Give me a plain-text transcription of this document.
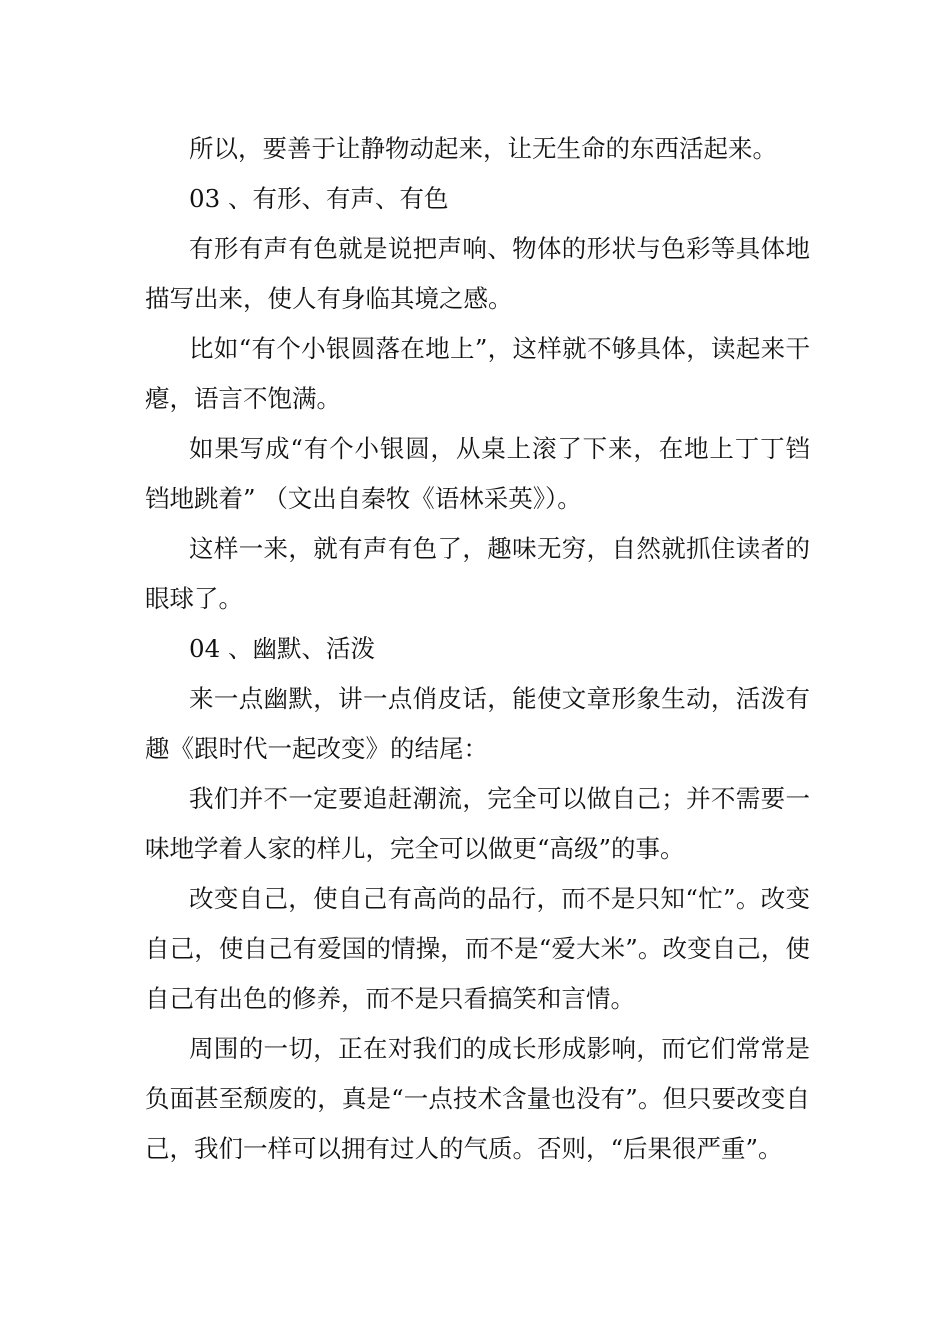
所以，要善于让静物动起来，让无生命的东西活起来。

03 、有形、有声、有色

有形有声有色就是说把声响、物体的形状与色彩等具体地描写出来，使人有身临其境之感。

比如“有个小银圆落在地上”，这样就不够具体，读起来干瘪，语言不饱满。

如果写成“有个小银圆，从桌上滚了下来，在地上丁丁铛铛地跳着” （文出自秦牧《语林采英》）。

这样一来，就有声有色了，趣味无穷，自然就抓住读者的眼球了。

04 、幽默、活泼

来一点幽默，讲一点俏皮话，能使文章形象生动，活泼有趣《跟时代一起改变》的结尾：

我们并不一定要追赶潮流，完全可以做自己；并不需要一味地学着人家的样儿，完全可以做更“高级”的事。

改变自己，使自己有高尚的品行，而不是只知“忙”。改变自己，使自己有爱国的情操，而不是“爱大米”。改变自己，使自己有出色的修养，而不是只看搞笑和言情。

周围的一切，正在对我们的成长形成影响，而它们常常是负面甚至颓废的，真是“一点技术含量也没有”。但只要改变自己，我们一样可以拥有过人的气质。否则，“后果很严重”。
